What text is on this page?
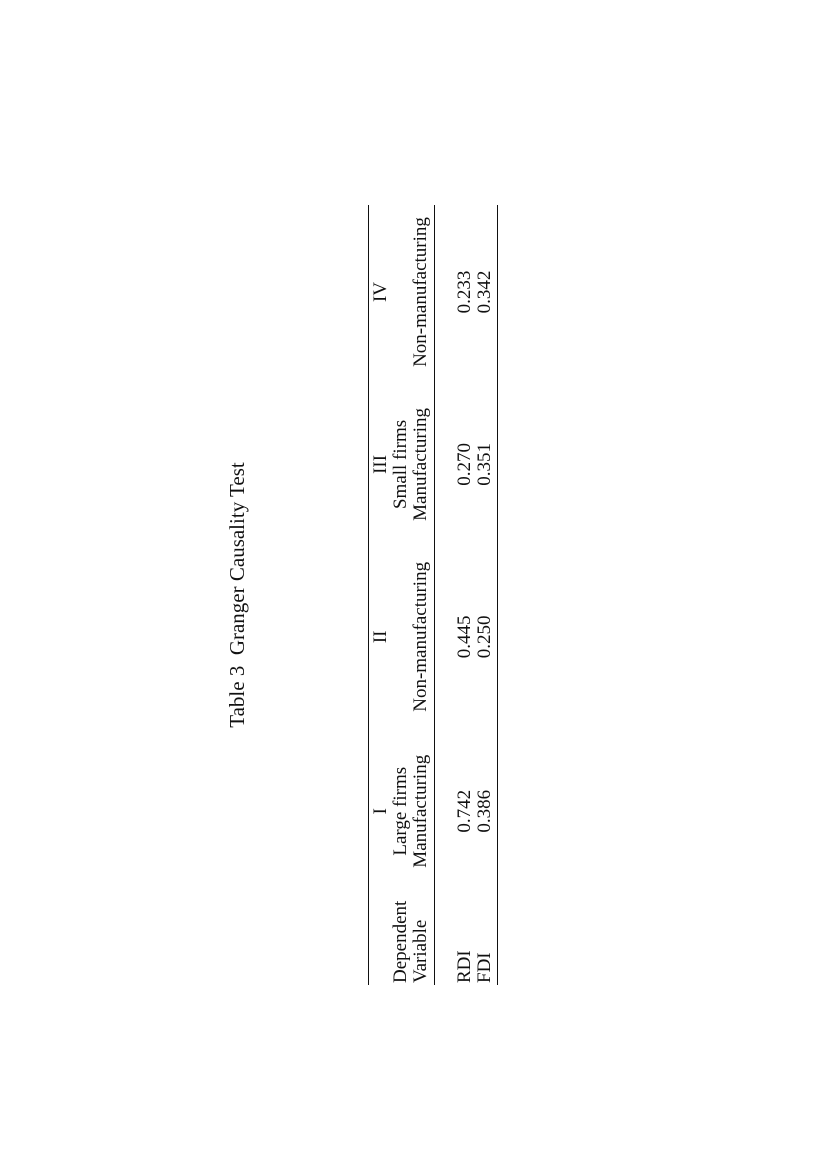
Table 3  Granger Causality Test
	I	II	III	IV
Dependent	Large firms		Small firms	
Variable	Manufacturing	Non-manufacturing	Manufacturing	Non-manufacturing
RDI	0.742	0.445	0.270	0.233
FDI	0.386	0.250	0.351	0.342
